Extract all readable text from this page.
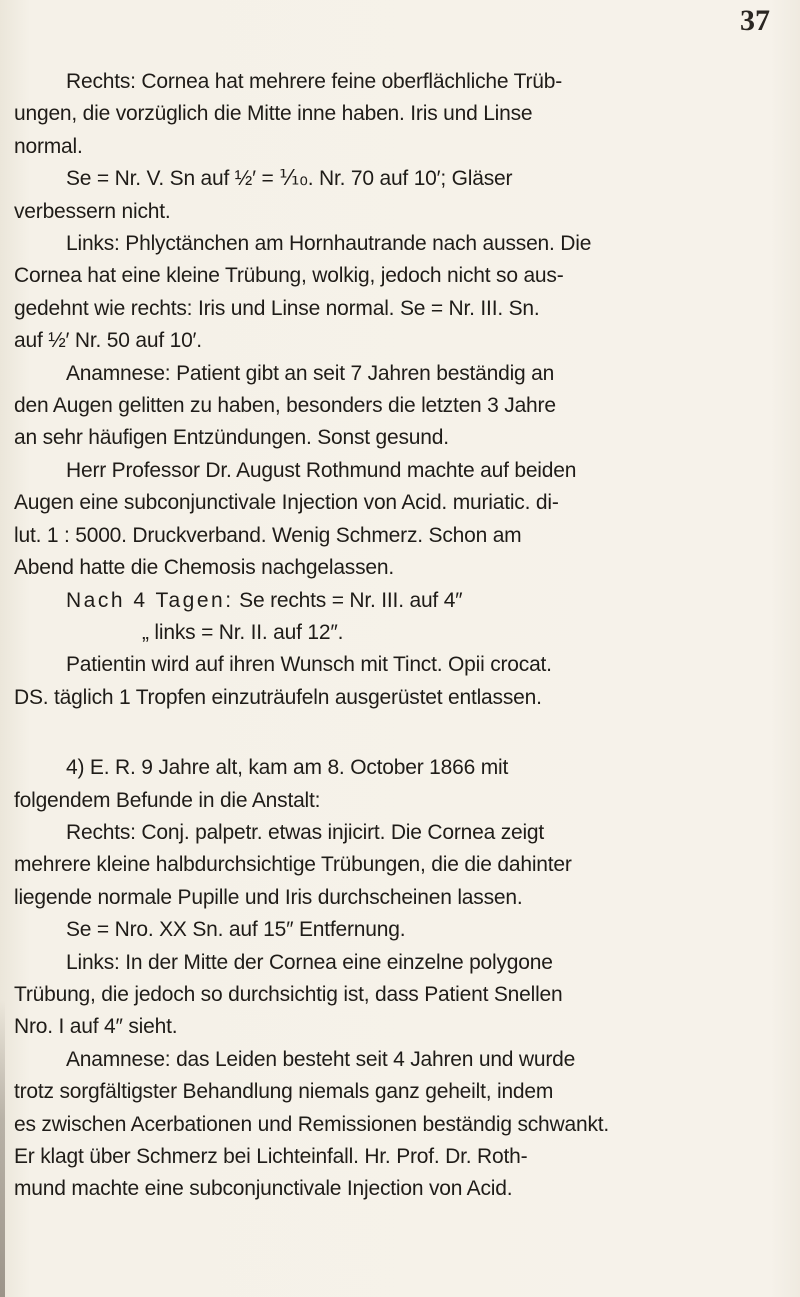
37
Rechts: Cornea hat mehrere feine oberflächliche Trüb-
ungen, die vorzüglich die Mitte inne haben. Iris und Linse
normal.
Se = Nr. V. Sn auf ½′ = ⅒. Nr. 70 auf 10′; Gläser
verbessern nicht.
Links: Phlyctänchen am Hornhautrande nach aussen. Die
Cornea hat eine kleine Trübung, wolkig, jedoch nicht so aus-
gedehnt wie rechts: Iris und Linse normal. Se = Nr. III. Sn.
auf ½′ Nr. 50 auf 10′.
Anamnese: Patient gibt an seit 7 Jahren beständig an
den Augen gelitten zu haben, besonders die letzten 3 Jahre
an sehr häufigen Entzündungen. Sonst gesund.
Herr Professor Dr. August Rothmund machte auf beiden
Augen eine subconjunctivale Injection von Acid. muriatic. di-
lut. 1 : 5000. Druckverband. Wenig Schmerz. Schon am
Abend hatte die Chemosis nachgelassen.
Nach 4 Tagen: Se rechts = Nr. III. auf 4″
„ links = Nr. II. auf 12″.
Patientin wird auf ihren Wunsch mit Tinct. Opii crocat.
DS. täglich 1 Tropfen einzuträufeln ausgerüstet entlassen.
4) E. R. 9 Jahre alt, kam am 8. October 1866 mit
folgendem Befunde in die Anstalt:
Rechts: Conj. palpetr. etwas injicirt. Die Cornea zeigt
mehrere kleine halbdurchsichtige Trübungen, die die dahinter
liegende normale Pupille und Iris durchscheinen lassen.
Se = Nro. XX Sn. auf 15″ Entfernung.
Links: In der Mitte der Cornea eine einzelne polygone
Trübung, die jedoch so durchsichtig ist, dass Patient Snellen
Nro. I auf 4″ sieht.
Anamnese: das Leiden besteht seit 4 Jahren und wurde
trotz sorgfältigster Behandlung niemals ganz geheilt, indem
es zwischen Acerbationen und Remissionen beständig schwankt.
Er klagt über Schmerz bei Lichteinfall. Hr. Prof. Dr. Roth-
mund machte eine subconjunctivale Injection von Acid.
